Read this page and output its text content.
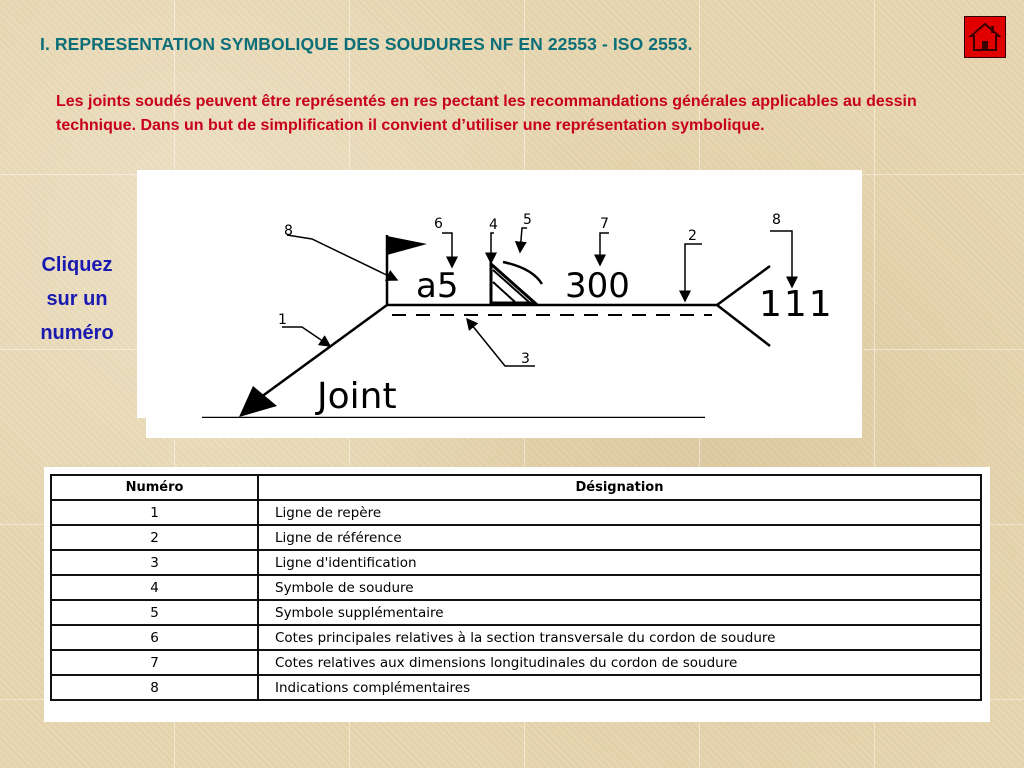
I. REPRESENTATION SYMBOLIQUE DES SOUDURES NF EN 22553 - ISO 2553.
Les joints soudés peuvent être représentés en res pectant les recommandations générales applicables au dessin technique. Dans un but de simplification il convient d’utiliser une représentation symbolique.
Cliquez
sur un
numéro
8	6	4 5	7
2
8
1
3
a5	300	111
Joint
Numéro	Désignation
1	Ligne de repère
2	Ligne de référence
3	Ligne d'identification
4	Symbole de soudure
5	Symbole supplémentaire
6	Cotes principales relatives à la section transversale du cordon de soudure
7	Cotes relatives aux dimensions longitudinales du cordon de soudure
8	Indications complémentaires
